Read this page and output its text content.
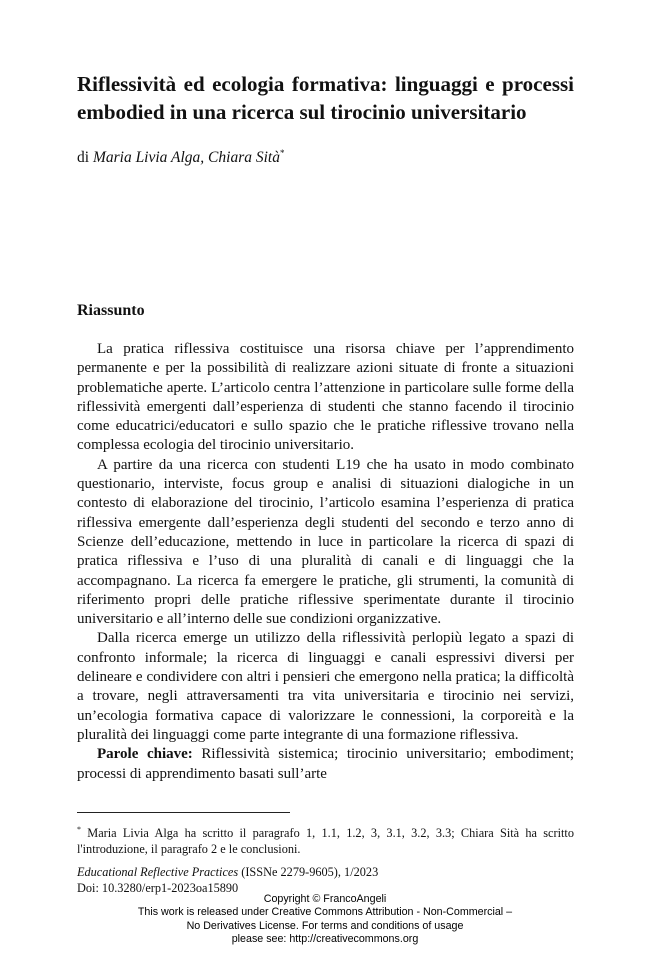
Riflessività ed ecologia formativa: linguaggi e processi embodied in una ricerca sul tirocinio universitario
di Maria Livia Alga, Chiara Sità*
Riassunto

La pratica riflessiva costituisce una risorsa chiave per l’apprendimento permanente e per la possibilità di realizzare azioni situate di fronte a situazioni problematiche aperte. L’articolo centra l’attenzione in particolare sulle forme della riflessività emergenti dall’esperienza di studenti che stanno facendo il tirocinio come educatrici/educatori e sullo spazio che le pratiche riflessive trovano nella complessa ecologia del tirocinio universitario.

A partire da una ricerca con studenti L19 che ha usato in modo combinato questionario, interviste, focus group e analisi di situazioni dialogiche in un contesto di elaborazione del tirocinio, l’articolo esamina l’esperienza di pratica riflessiva emergente dall’esperienza degli studenti del secondo e terzo anno di Scienze dell’educazione, mettendo in luce in particolare la ricerca di spazi di pratica riflessiva e l’uso di una pluralità di canali e di linguaggi che la accompagnano. La ricerca fa emergere le pratiche, gli strumenti, la comunità di riferimento propri delle pratiche riflessive sperimentate durante il tirocinio universitario e all’interno delle sue condizioni organizzative.

Dalla ricerca emerge un utilizzo della riflessività perlopiù legato a spazi di confronto informale; la ricerca di linguaggi e canali espressivi diversi per delineare e condividere con altri i pensieri che emergono nella pratica; la difficoltà a trovare, negli attraversamenti tra vita universitaria e tirocinio nei servizi, un’ecologia formativa capace di valorizzare le connessioni, la corporeità e la pluralità dei linguaggi come parte integrante di una formazione riflessiva.

Parole chiave: Riflessività sistemica; tirocinio universitario; embodiment; processi di apprendimento basati sull’arte

* Maria Livia Alga ha scritto il paragrafo 1, 1.1, 1.2, 3, 3.1, 3.2, 3.3; Chiara Sità ha scritto l'introduzione, il paragrafo 2 e le conclusioni.

Educational Reflective Practices (ISSNe 2279-9605), 1/2023
Doi: 10.3280/erp1-2023oa15890
Copyright © FrancoAngeli
This work is released under Creative Commons Attribution - Non-Commercial –
No Derivatives License. For terms and conditions of usage
please see: http://creativecommons.org
